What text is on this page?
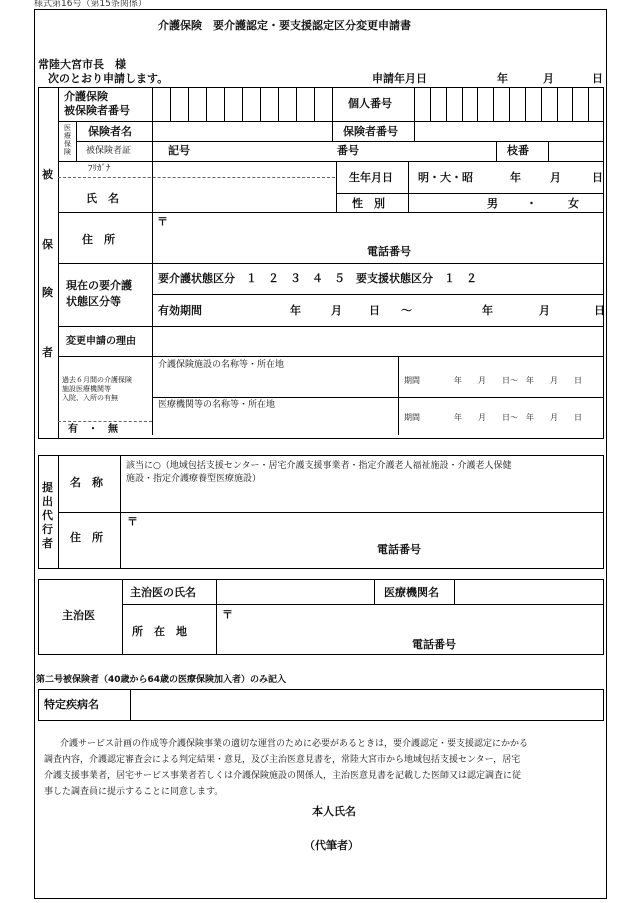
様式第16号（第15条関係）
介護保険　要介護認定・要支援認定区分変更申請書
常陸大宮市長　様
次のとおり申請します。	申請年月日	年	月	日
被
保
険
者
介護保険
被保険者番号
個人番号
医
療
保
険
保険者名	保険者番号
被保険者証	記号	番号	枝番
ﾌﾘｶﾞﾅ
氏　名
生年月日 明・大・昭	年	月	日
性　別	男	・	女
住　所
〒
電話番号
現在の要介護
状態区分等
要介護状態区分　１　２　３　４　５　要支援状態区分　１　２
有効期間	年	月 日 ～	年	月	日
変更申請の理由
過去６月間の介護保険
施設医療機関等
入院、入所の有無
有　・　無
介護保険施設の名称等・所在地
期間	年　　月　　日～　年　　月　　日
医療機関等の名称等・所在地
期間	年　　月　　日～　年　　月　　日
提
出
代
行
者
名　称
該当に○（地域包括支援センター・居宅介護支援事業者・指定介護老人福祉施設・介護老人保健
施設・指定介護療養型医療施設）
住　所
〒
電話番号
主治医
主治医の氏名	医療機関名
所　在　地
〒
電話番号
第二号被保険者（40歳から64歳の医療保険加入者）のみ記入
特定疾病名
介護サービス計画の作成等介護保険事業の適切な運営のために必要があるときは，要介護認定・要支援認定にかかる
調査内容，介護認定審査会による判定結果・意見，及び主治医意見書を，常陸大宮市から地域包括支援センター，居宅
介護支援事業者，居宅サービス事業者若しくは介護保険施設の関係人，主治医意見書を記載した医師又は認定調査に従
事した調査員に提示することに同意します。
本人氏名
（代筆者）
